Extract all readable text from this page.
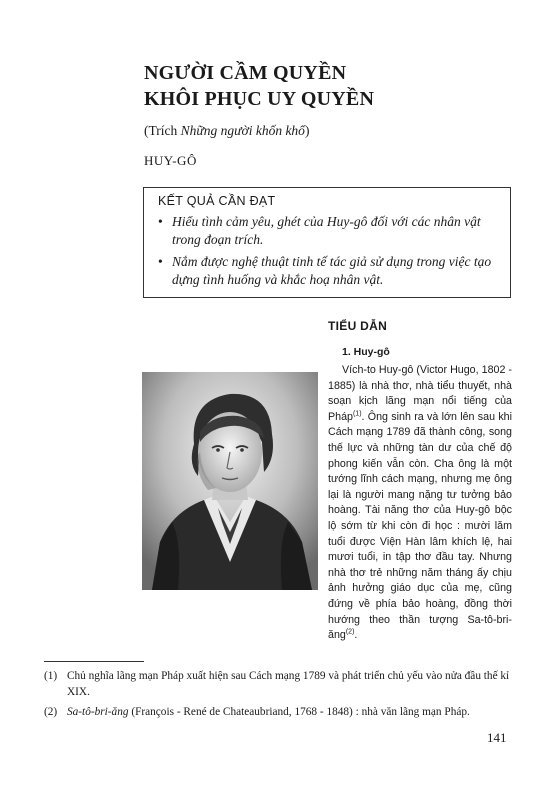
NGƯỜI CẦM QUYỀN
KHÔI PHỤC UY QUYỀN
(Trích Những người khốn khổ)
HUY-GÔ
KẾT QUẢ CẦN ĐẠT
• Hiểu tình cảm yêu, ghét của Huy-gô đối với các nhân vật trong đoạn trích.
• Nắm được nghệ thuật tinh tế tác giả sử dụng trong việc tạo dựng tình huống và khắc hoạ nhân vật.
TIỂU DẪN
1. Huy-gô

Vích-to Huy-gô (Victor Hugo, 1802 - 1885) là nhà thơ, nhà tiểu thuyết, nhà soạn kịch lãng mạn nổi tiếng của Pháp$^{(1)}$. Ông sinh ra và lớn lên sau khi Cách mạng 1789 đã thành công, song thế lực và những tàn dư của chế độ phong kiến vẫn còn. Cha ông là một tướng lĩnh cách mạng, nhưng mẹ ông lại là người mang nặng tư tưởng bảo hoàng. Tài năng thơ của Huy-gô bộc lộ sớm từ khi còn đi học : mười lăm tuổi được Viện Hàn lâm khích lệ, hai mươi tuổi, in tập thơ đầu tay. Nhưng nhà thơ trẻ những năm tháng ấy chịu ảnh hưởng giáo dục của mẹ, cũng đứng về phía bảo hoàng, đồng thời hướng theo thần tượng Sa-tô-bri-ăng$^{(2)}$.

(1) Chủ nghĩa lãng mạn Pháp xuất hiện sau Cách mạng 1789 và phát triển chủ yếu vào nửa đầu thế kỉ XIX.
(2) Sa-tô-bri-ăng (François - René de Chateaubriand, 1768 - 1848) : nhà văn lãng mạn Pháp.
141
